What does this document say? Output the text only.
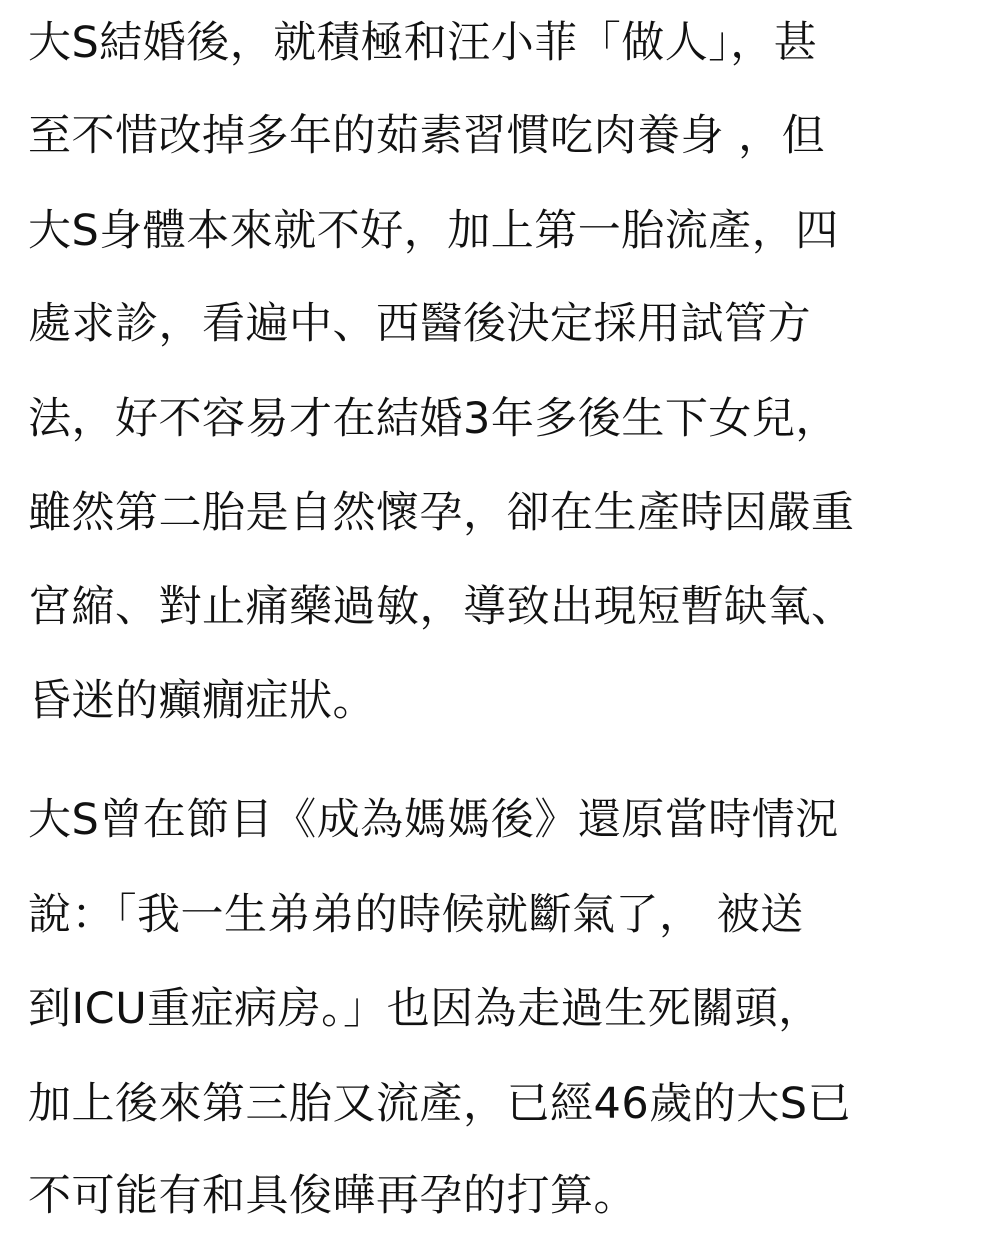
大S結婚後，就積極和汪小菲「做人」，甚
至不惜改掉多年的茹素習慣吃肉養身 ，但
大S身體本來就不好，加上第一胎流產，四
處求診，看遍中、西醫後決定採用試管方
法，好不容易才在結婚3年多後生下女兒，
雖然第二胎是自然懷孕，卻在生產時因嚴重
宮縮、對止痛藥過敏，導致出現短暫缺氧、
昏迷的癲癇症狀。
大S曾在節目《成為媽媽後》還原當時情況
說：「我一生弟弟的時候就斷氣了， 被送
到ICU重症病房。」也因為走過生死關頭，
加上後來第三胎又流產，已經46歲的大S已
不可能有和具俊曄再孕的打算。
